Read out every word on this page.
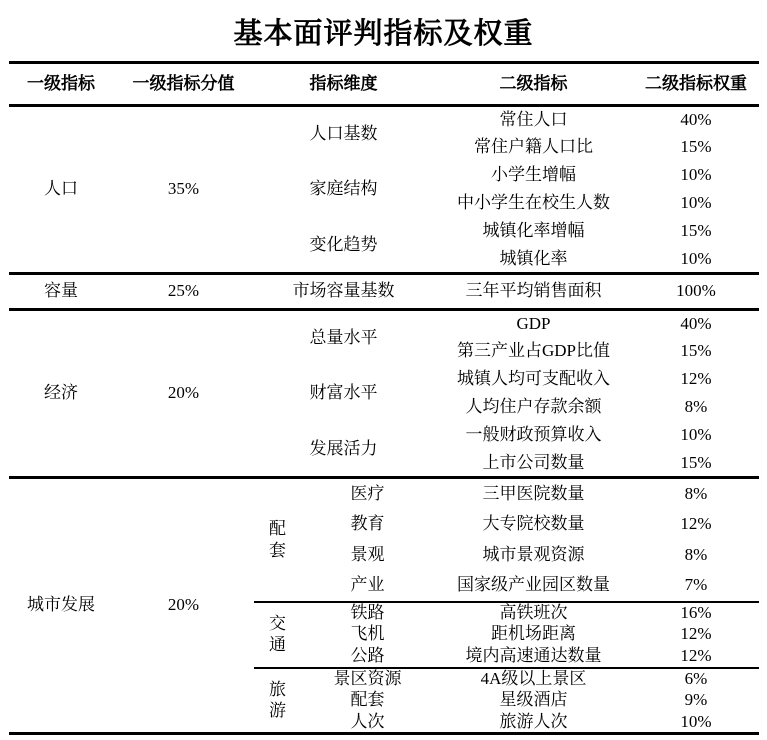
基本面评判指标及权重
一级指标	一级指标分值	指标维度		二级指标	二级指标权重
人口	35%	人口基数		常住人口	40%
				常住户籍人口比	15%
		家庭结构		小学生增幅	10%
				中小学生在校生人数	10%
		变化趋势		城镇化率增幅	15%
				城镇化率	10%
容量	25%	市场容量基数		三年平均销售面积	100%
经济	20%	总量水平		GDP	40%
				第三产业占GDP比值	15%
		财富水平		城镇人均可支配收入	12%
				人均住户存款余额	8%
		发展活力		一般财政预算收入	10%
				上市公司数量	15%
城市发展	20%	配套	医疗	三甲医院数量	8%
			教育	大专院校数量	12%
			景观	城市景观资源	8%
			产业	国家级产业园区数量	7%
		交通	铁路	高铁班次	16%
			飞机	距机场距离	12%
			公路	境内高速通达数量	12%
		旅游	景区资源	4A级以上景区	6%
			配套	星级酒店	9%
			人次	旅游人次	10%
